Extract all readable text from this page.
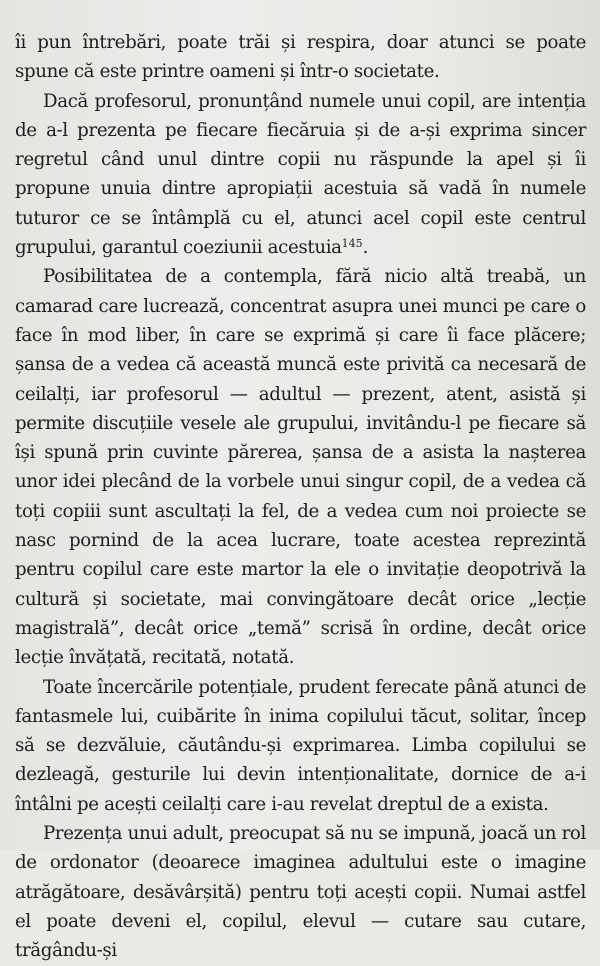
îi pun întrebări, poate trăi și respira, doar atunci se poate spune că este printre oameni și într-o societate.

Dacă profesorul, pronunțând numele unui copil, are intenția de a-l prezenta pe fiecare fiecăruia și de a-și exprima sincer regretul când unul dintre copii nu răspunde la apel și îi propune unuia dintre apropiații acestuia să vadă în numele tuturor ce se întâmplă cu el, atunci acel copil este centrul grupului, garantul coeziunii acestuia$^{145}$.

Posibilitatea de a contempla, fără nicio altă treabă, un camarad care lucrează, concentrat asupra unei munci pe care o face în mod liber, în care se exprimă și care îi face plăcere; șansa de a vedea că această muncă este privită ca necesară de ceilalți, iar profesorul — adultul — prezent, atent, asistă și permite discuțiile vesele ale grupului, invitându-l pe fiecare să își spună prin cuvinte părerea, șansa de a asista la nașterea unor idei plecând de la vorbele unui singur copil, de a vedea că toți copiii sunt ascultați la fel, de a vedea cum noi proiecte se nasc pornind de la acea lucrare, toate acestea reprezintă pentru copilul care este martor la ele o invitație deopotrivă la cultură și societate, mai convingătoare decât orice „lecție magistrală”, decât orice „temă” scrisă în ordine, decât orice lecție învățată, recitată, notată.

Toate încercările potențiale, prudent ferecate până atunci de fantasmele lui, cuibărite în inima copilului tăcut, solitar, încep să se dezvăluie, căutându-și exprimarea. Limba copilului se dezleagă, gesturile lui devin intenționalitate, dornice de a-i întâlni pe acești ceilalți care i-au revelat dreptul de a exista.

Prezența unui adult, preocupat să nu se impună, joacă un rol de ordonator (deoarece imaginea adultului este o imagine atrăgătoare, desăvârșită) pentru toți acești copii. Numai astfel el poate deveni el, copilul, elevul — cutare sau cutare, trăgându-și
